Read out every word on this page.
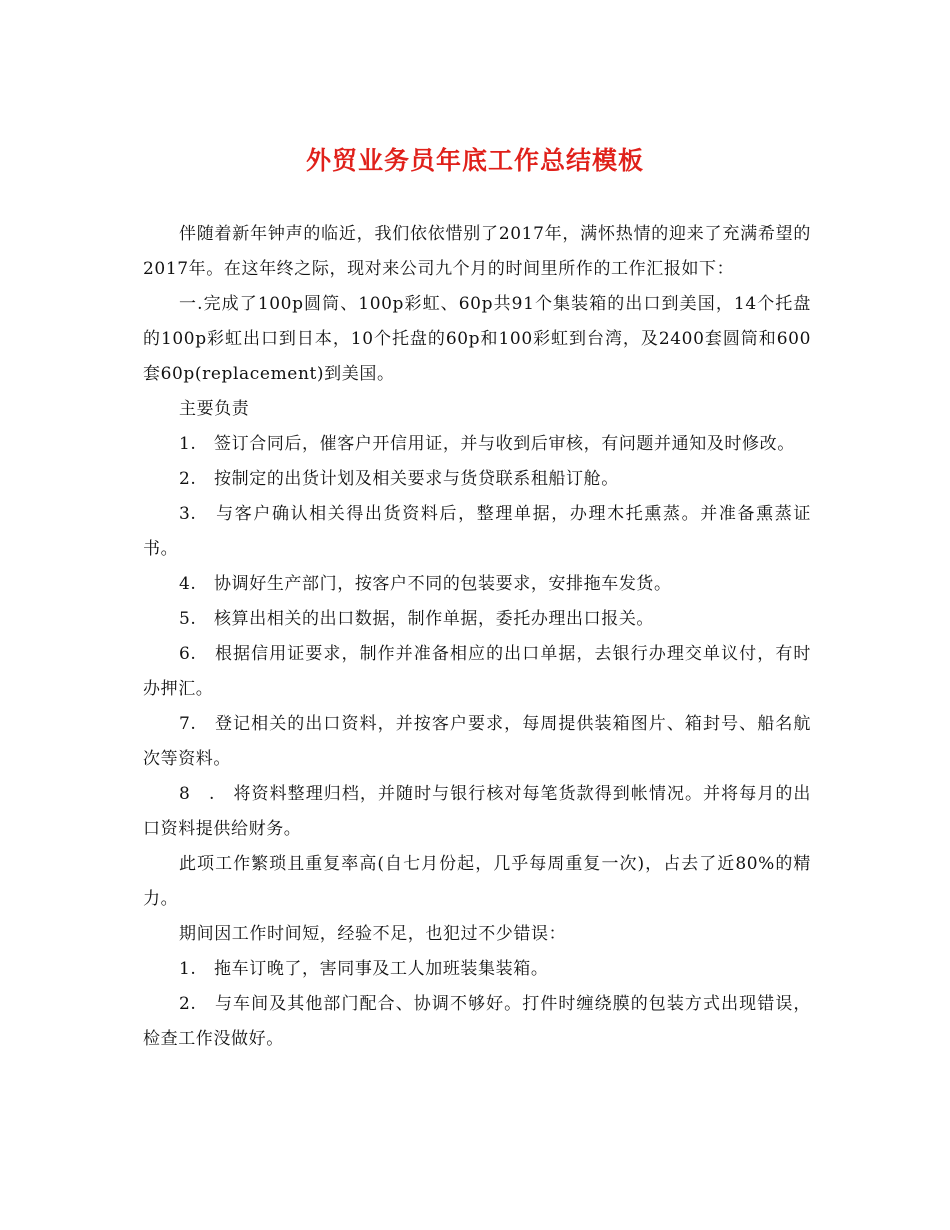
外贸业务员年底工作总结模板

伴随着新年钟声的临近，我们依依惜别了2017年，满怀热情的迎来了充满希望的2017年。在这年终之际，现对来公司九个月的时间里所作的工作汇报如下：

一.完成了100p圆筒、100p彩虹、60p共91个集装箱的出口到美国，14个托盘的100p彩虹出口到日本，10个托盘的60p和100彩虹到台湾，及2400套圆筒和600套60p(replacement)到美国。

主要负责

1.　签订合同后，催客户开信用证，并与收到后审核，有问题并通知及时修改。

2.　按制定的出货计划及相关要求与货贷联系租船订舱。

3.　与客户确认相关得出货资料后，整理单据，办理木托熏蒸。并准备熏蒸证书。

4.　协调好生产部门，按客户不同的包装要求，安排拖车发货。

5.　核算出相关的出口数据，制作单据，委托办理出口报关。

6.　根据信用证要求，制作并准备相应的出口单据，去银行办理交单议付，有时办押汇。

7.　登记相关的出口资料，并按客户要求，每周提供装箱图片、箱封号、船名航次等资料。

8　.　将资料整理归档，并随时与银行核对每笔货款得到帐情况。并将每月的出口资料提供给财务。

此项工作繁琐且重复率高(自七月份起，几乎每周重复一次)，占去了近80%的精力。

期间因工作时间短，经验不足，也犯过不少错误：

1.　拖车订晚了，害同事及工人加班装集装箱。

2.　与车间及其他部门配合、协调不够好。打件时缠绕膜的包装方式出现错误，检查工作没做好。
